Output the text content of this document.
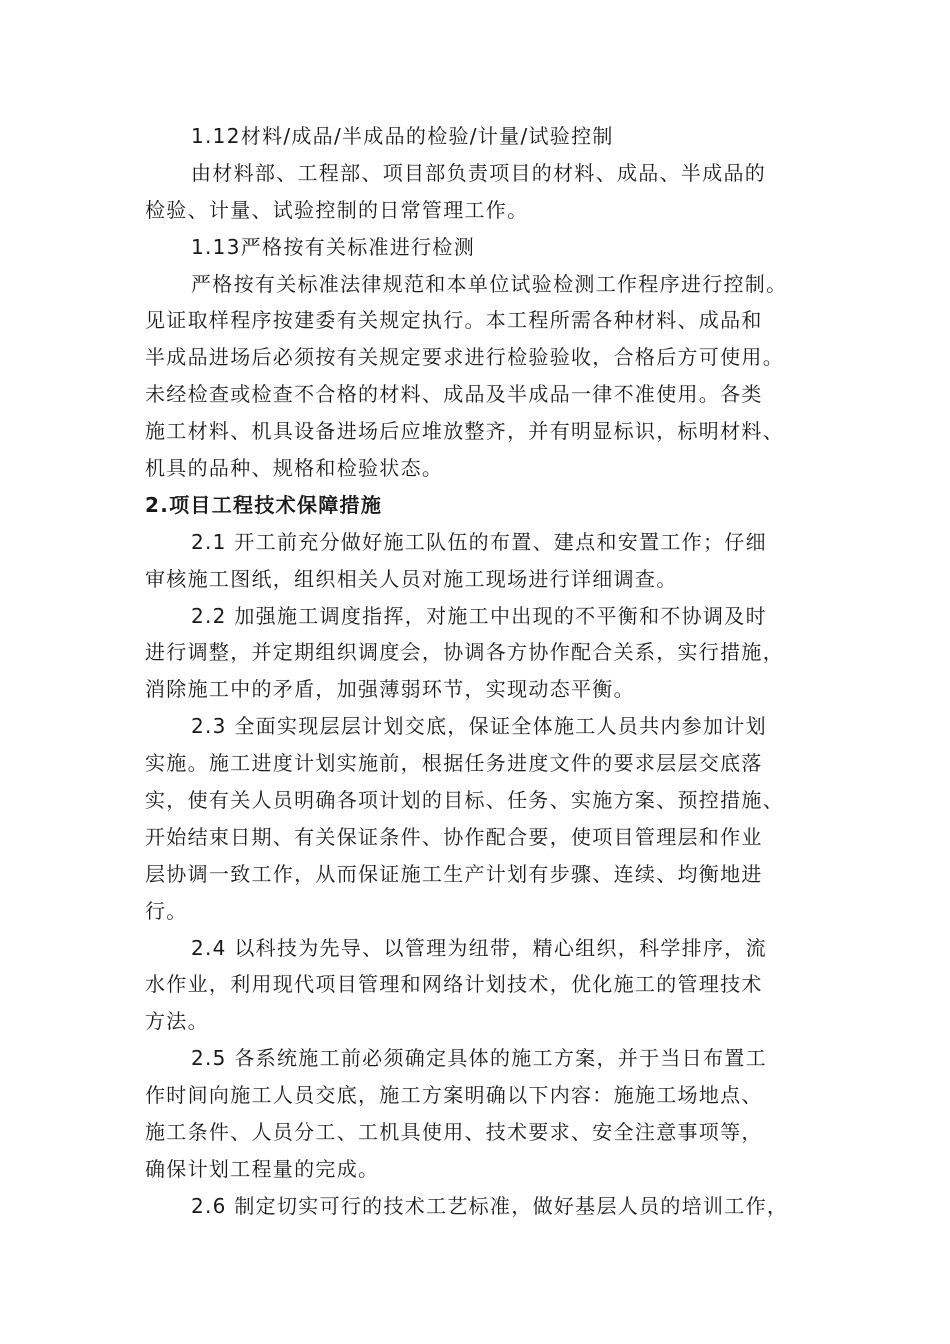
1.12材料/成品/半成品的检验/计量/试验控制

由材料部、工程部、项目部负责项目的材料、成品、半成品的

检验、计量、试验控制的日常管理工作。

1.13严格按有关标准进行检测

严格按有关标准法律规范和本单位试验检测工作程序进行控制。

见证取样程序按建委有关规定执行。本工程所需各种材料、成品和

半成品进场后必须按有关规定要求进行检验验收，合格后方可使用。

未经检查或检查不合格的材料、成品及半成品一律不准使用。各类

施工材料、机具设备进场后应堆放整齐，并有明显标识，标明材料、

机具的品种、规格和检验状态。

2.项目工程技术保障措施

2.1 开工前充分做好施工队伍的布置、建点和安置工作；仔细

审核施工图纸，组织相关人员对施工现场进行详细调查。

2.2 加强施工调度指挥，对施工中出现的不平衡和不协调及时

进行调整，并定期组织调度会，协调各方协作配合关系，实行措施，

消除施工中的矛盾，加强薄弱环节，实现动态平衡。

2.3 全面实现层层计划交底，保证全体施工人员共内参加计划

实施。施工进度计划实施前，根据任务进度文件的要求层层交底落

实，使有关人员明确各项计划的目标、任务、实施方案、预控措施、

开始结束日期、有关保证条件、协作配合要，使项目管理层和作业

层协调一致工作，从而保证施工生产计划有步骤、连续、均衡地进

行。

2.4 以科技为先导、以管理为纽带，精心组织，科学排序，流

水作业，利用现代项目管理和网络计划技术，优化施工的管理技术

方法。

2.5 各系统施工前必须确定具体的施工方案，并于当日布置工

作时间向施工人员交底，施工方案明确以下内容：施施工场地点、

施工条件、人员分工、工机具使用、技术要求、安全注意事项等，

确保计划工程量的完成。

2.6 制定切实可行的技术工艺标准，做好基层人员的培训工作，
